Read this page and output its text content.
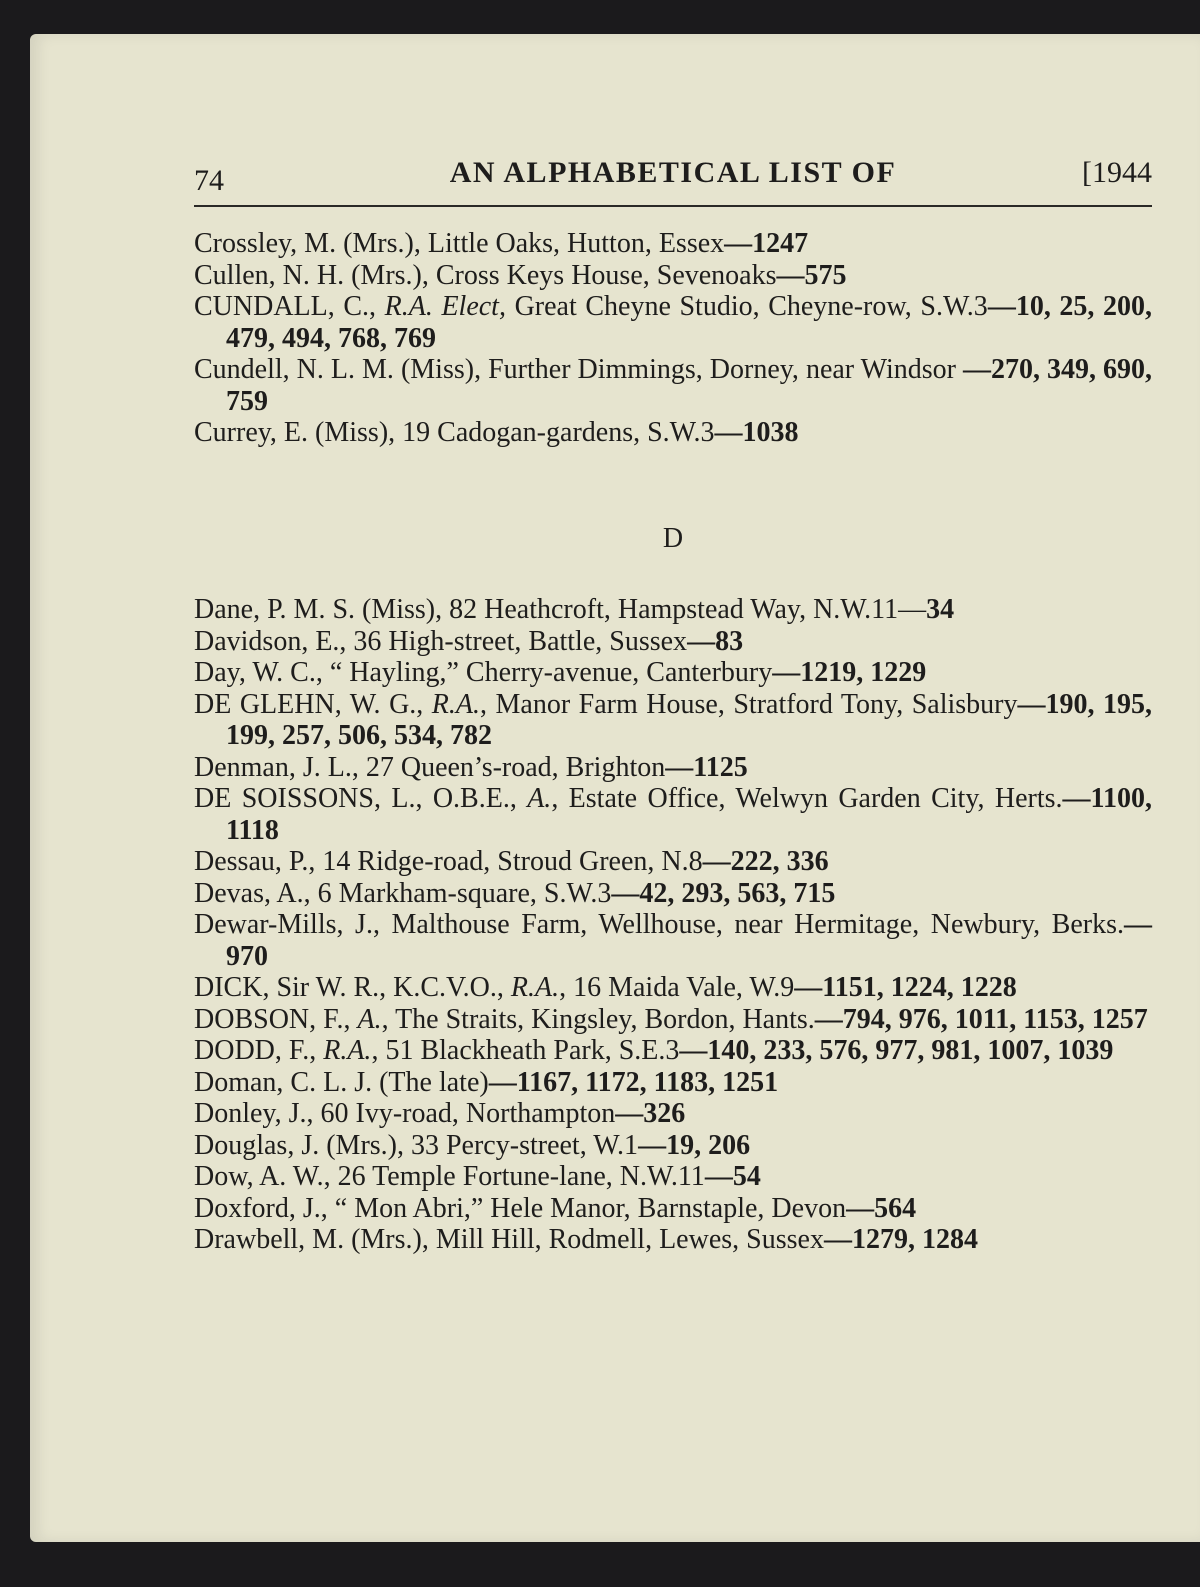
74	AN ALPHABETICAL LIST OF	[1944

Crossley, M. (Mrs.), Little Oaks, Hutton, Essex—1247

Cullen, N. H. (Mrs.), Cross Keys House, Sevenoaks—575

CUNDALL, C., R.A. Elect, Great Cheyne Studio, Cheyne-row, S.W.3—10, 25, 200, 479, 494, 768, 769

Cundell, N. L. M. (Miss), Further Dimmings, Dorney, near Windsor —270, 349, 690, 759

Currey, E. (Miss), 19 Cadogan-gardens, S.W.3—1038

D

Dane, P. M. S. (Miss), 82 Heathcroft, Hampstead Way, N.W.11—34

Davidson, E., 36 High-street, Battle, Sussex—83

Day, W. C., “ Hayling,” Cherry-avenue, Canterbury—1219, 1229

DE GLEHN, W. G., R.A., Manor Farm House, Stratford Tony, Salisbury—190, 195, 199, 257, 506, 534, 782

Denman, J. L., 27 Queen’s-road, Brighton—1125

DE SOISSONS, L., O.B.E., A., Estate Office, Welwyn Garden City, Herts.—1100, 1118

Dessau, P., 14 Ridge-road, Stroud Green, N.8—222, 336

Devas, A., 6 Markham-square, S.W.3—42, 293, 563, 715

Dewar-Mills, J., Malthouse Farm, Wellhouse, near Hermitage, Newbury, Berks.—970

DICK, Sir W. R., K.C.V.O., R.A., 16 Maida Vale, W.9—1151, 1224, 1228

DOBSON, F., A., The Straits, Kingsley, Bordon, Hants.—794, 976, 1011, 1153, 1257

DODD, F., R.A., 51 Blackheath Park, S.E.3—140, 233, 576, 977, 981, 1007, 1039

Doman, C. L. J. (The late)—1167, 1172, 1183, 1251

Donley, J., 60 Ivy-road, Northampton—326

Douglas, J. (Mrs.), 33 Percy-street, W.1—19, 206

Dow, A. W., 26 Temple Fortune-lane, N.W.11—54

Doxford, J., “ Mon Abri,” Hele Manor, Barnstaple, Devon—564

Drawbell, M. (Mrs.), Mill Hill, Rodmell, Lewes, Sussex—1279, 1284
